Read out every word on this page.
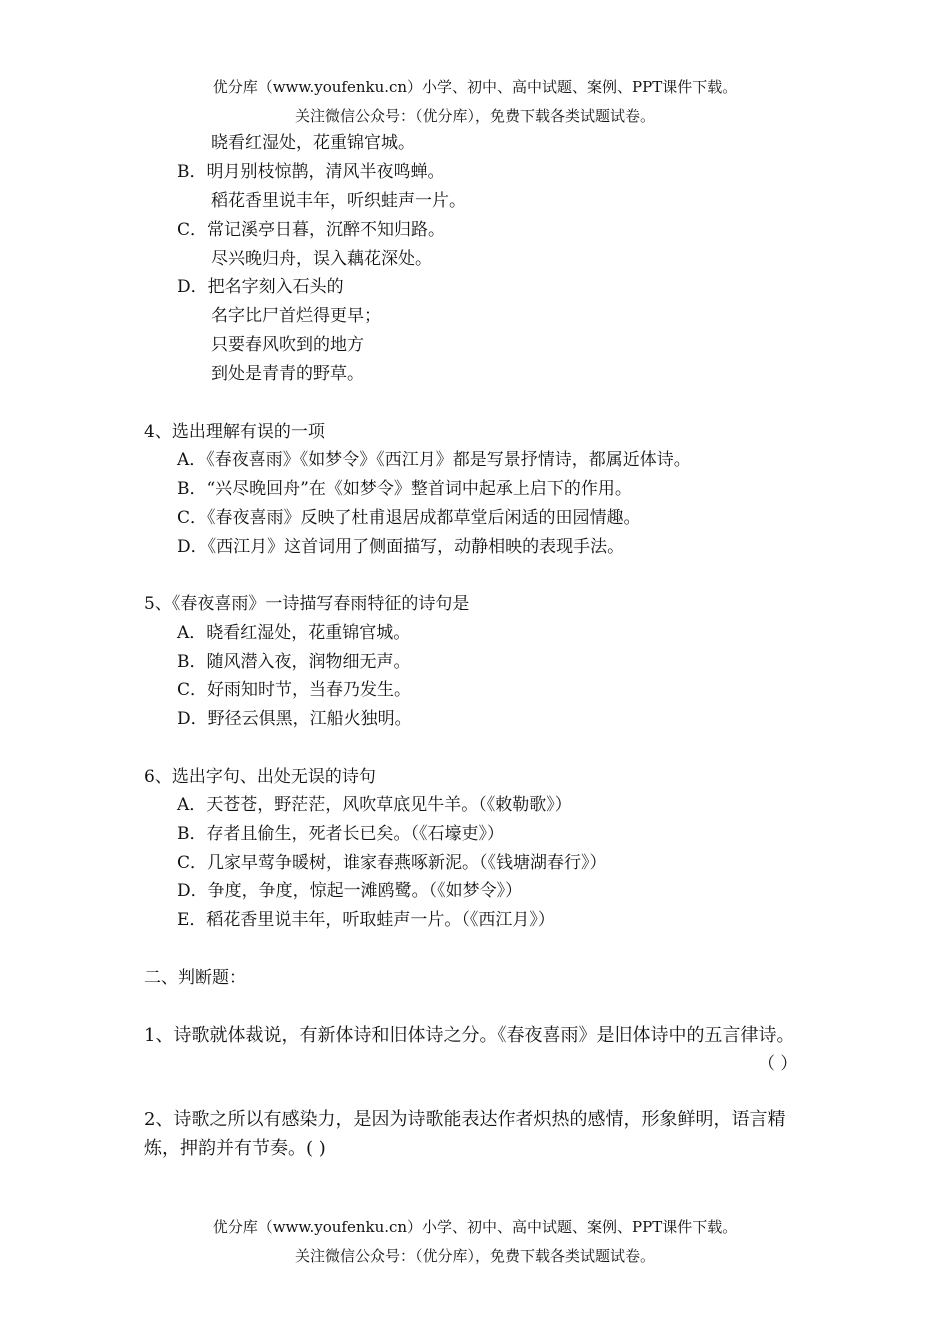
优分库（www.youfenku.cn）小学、初中、高中试题、案例、PPT课件下载。
关注微信公众号：（优分库），免费下载各类试题试卷。
晓看红湿处，花重锦官城。
B．明月别枝惊鹊，清风半夜鸣蝉。
稻花香里说丰年，听织蛙声一片。
C．常记溪亭日暮，沉醉不知归路。
尽兴晚归舟，误入藕花深处。
D．把名字刻入石头的
名字比尸首烂得更早；
只要春风吹到的地方
到处是青青的野草。
4、选出理解有误的一项
A．《春夜喜雨》《如梦令》《西江月》都是写景抒情诗，都属近体诗。
B．“兴尽晚回舟”在《如梦令》整首词中起承上启下的作用。
C．《春夜喜雨》反映了杜甫退居成都草堂后闲适的田园情趣。
D．《西江月》这首词用了侧面描写，动静相映的表现手法。
5、《春夜喜雨》一诗描写春雨特征的诗句是
A．晓看红湿处，花重锦官城。
B．随风潜入夜，润物细无声。
C．好雨知时节，当春乃发生。
D．野径云俱黑，江船火独明。
6、选出字句、出处无误的诗句
A．天苍苍，野茫茫，风吹草底见牛羊。（《敕勒歌》）
B．存者且偷生，死者长已矣。（《石壕吏》）
C．几家早莺争暖树，谁家春燕啄新泥。（《钱塘湖春行》）
D．争度，争度，惊起一滩鸥鹭。（《如梦令》）
E．稻花香里说丰年，听取蛙声一片。（《西江月》）
二、判断题：
1、诗歌就体裁说，有新体诗和旧体诗之分。《春夜喜雨》是旧体诗中的五言律诗。
（ ）
2、诗歌之所以有感染力，是因为诗歌能表达作者炽热的感情，形象鲜明，语言精
炼，押韵并有节奏。( )
优分库（www.youfenku.cn）小学、初中、高中试题、案例、PPT课件下载。
关注微信公众号：（优分库），免费下载各类试题试卷。
